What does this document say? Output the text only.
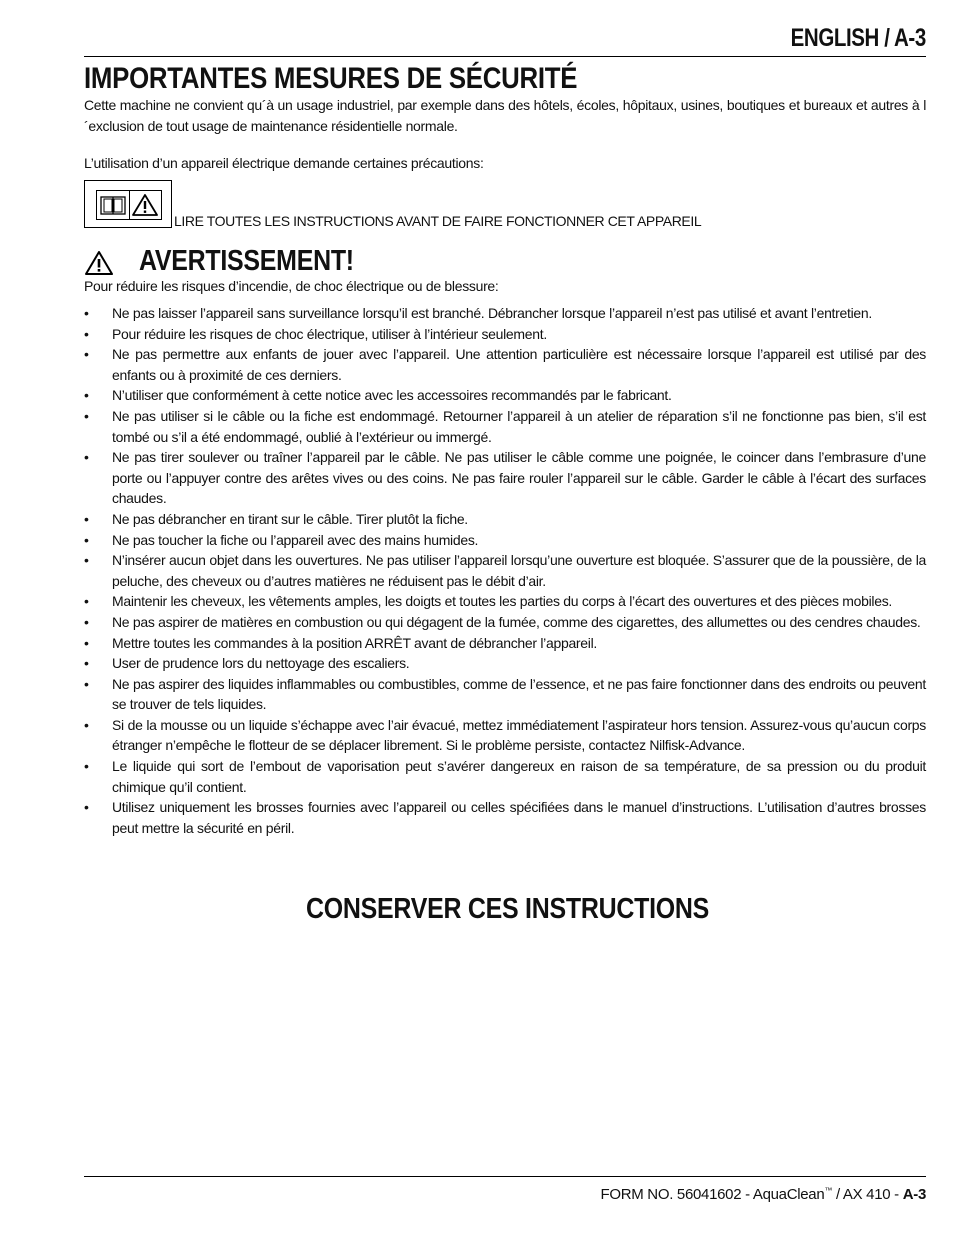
ENGLISH / A-3
IMPORTANTES MESURES DE SÉCURITÉ

Cette machine ne convient qu´à un usage industriel, par exemple dans des hôtels, écoles, hôpitaux, usines, boutiques et bureaux et autres à l´exclusion de tout usage de maintenance résidentielle normale.

L’utilisation d’un appareil électrique demande certaines précautions:

LIRE TOUTES LES INSTRUCTIONS AVANT DE FAIRE FONCTIONNER CET APPAREIL
AVERTISSEMENT!

Pour réduire les risques d’incendie, de choc électrique ou de blessure:

• Ne pas laisser l’appareil sans surveillance lorsqu’il est branché. Débrancher lorsque l’appareil n’est pas utilisé et avant l’entretien.
• Pour réduire les risques de choc électrique, utiliser à l’intérieur seulement.
• Ne pas permettre aux enfants de jouer avec l’appareil. Une attention particulière est nécessaire lorsque l’appareil est utilisé par des enfants ou à proximité de ces derniers.
• N’utiliser que conformément à cette notice avec les accessoires recommandés par le fabricant.
• Ne pas utiliser si le câble ou la fiche est endommagé. Retourner l’appareil à un atelier de réparation s’il ne fonctionne pas bien, s’il est tombé ou s’il a été endommagé, oublié à l’extérieur ou immergé.
• Ne pas tirer soulever ou traîner l’appareil par le câble. Ne pas utiliser le câble comme une poignée, le coincer dans l’embrasure d’une porte ou l’appuyer contre des arêtes vives ou des coins. Ne pas faire rouler l’appareil sur le câble. Garder le câble à l’écart des surfaces chaudes.
• Ne pas débrancher en tirant sur le câble. Tirer plutôt la fiche.
• Ne pas toucher la fiche ou l’appareil avec des mains humides.
• N’insérer aucun objet dans les ouvertures. Ne pas utiliser l’appareil lorsqu’une ouverture est bloquée. S’assurer que de la poussière, de la peluche, des cheveux ou d’autres matières ne réduisent pas le débit d’air.
• Maintenir les cheveux, les vêtements amples, les doigts et toutes les parties du corps à l’écart des ouvertures et des pièces mobiles.
• Ne pas aspirer de matières en combustion ou qui dégagent de la fumée, comme des cigarettes, des allumettes ou des cendres chaudes.
• Mettre toutes les commandes à la position ARRÊT avant de débrancher l’appareil.
• User de prudence lors du nettoyage des escaliers.
• Ne pas aspirer des liquides inflammables ou combustibles, comme de l’essence, et ne pas faire fonctionner dans des endroits ou peuvent se trouver de tels liquides.
• Si de la mousse ou un liquide s’échappe avec l’air évacué, mettez immédiatement l’aspirateur hors tension. Assurez-vous qu’aucun corps étranger n’empêche le flotteur de se déplacer librement. Si le problème persiste, contactez Nilfisk-Advance.
• Le liquide qui sort de l’embout de vaporisation peut s’avérer dangereux en raison de sa température, de sa pression ou du produit chimique qu’il contient.
• Utilisez uniquement les brosses fournies avec l’appareil ou celles spécifiées dans le manuel d’instructions. L’utilisation d’autres brosses peut mettre la sécurité en péril.
CONSERVER CES INSTRUCTIONS
FORM NO. 56041602 - AquaClean™ / AX 410 - A-3
